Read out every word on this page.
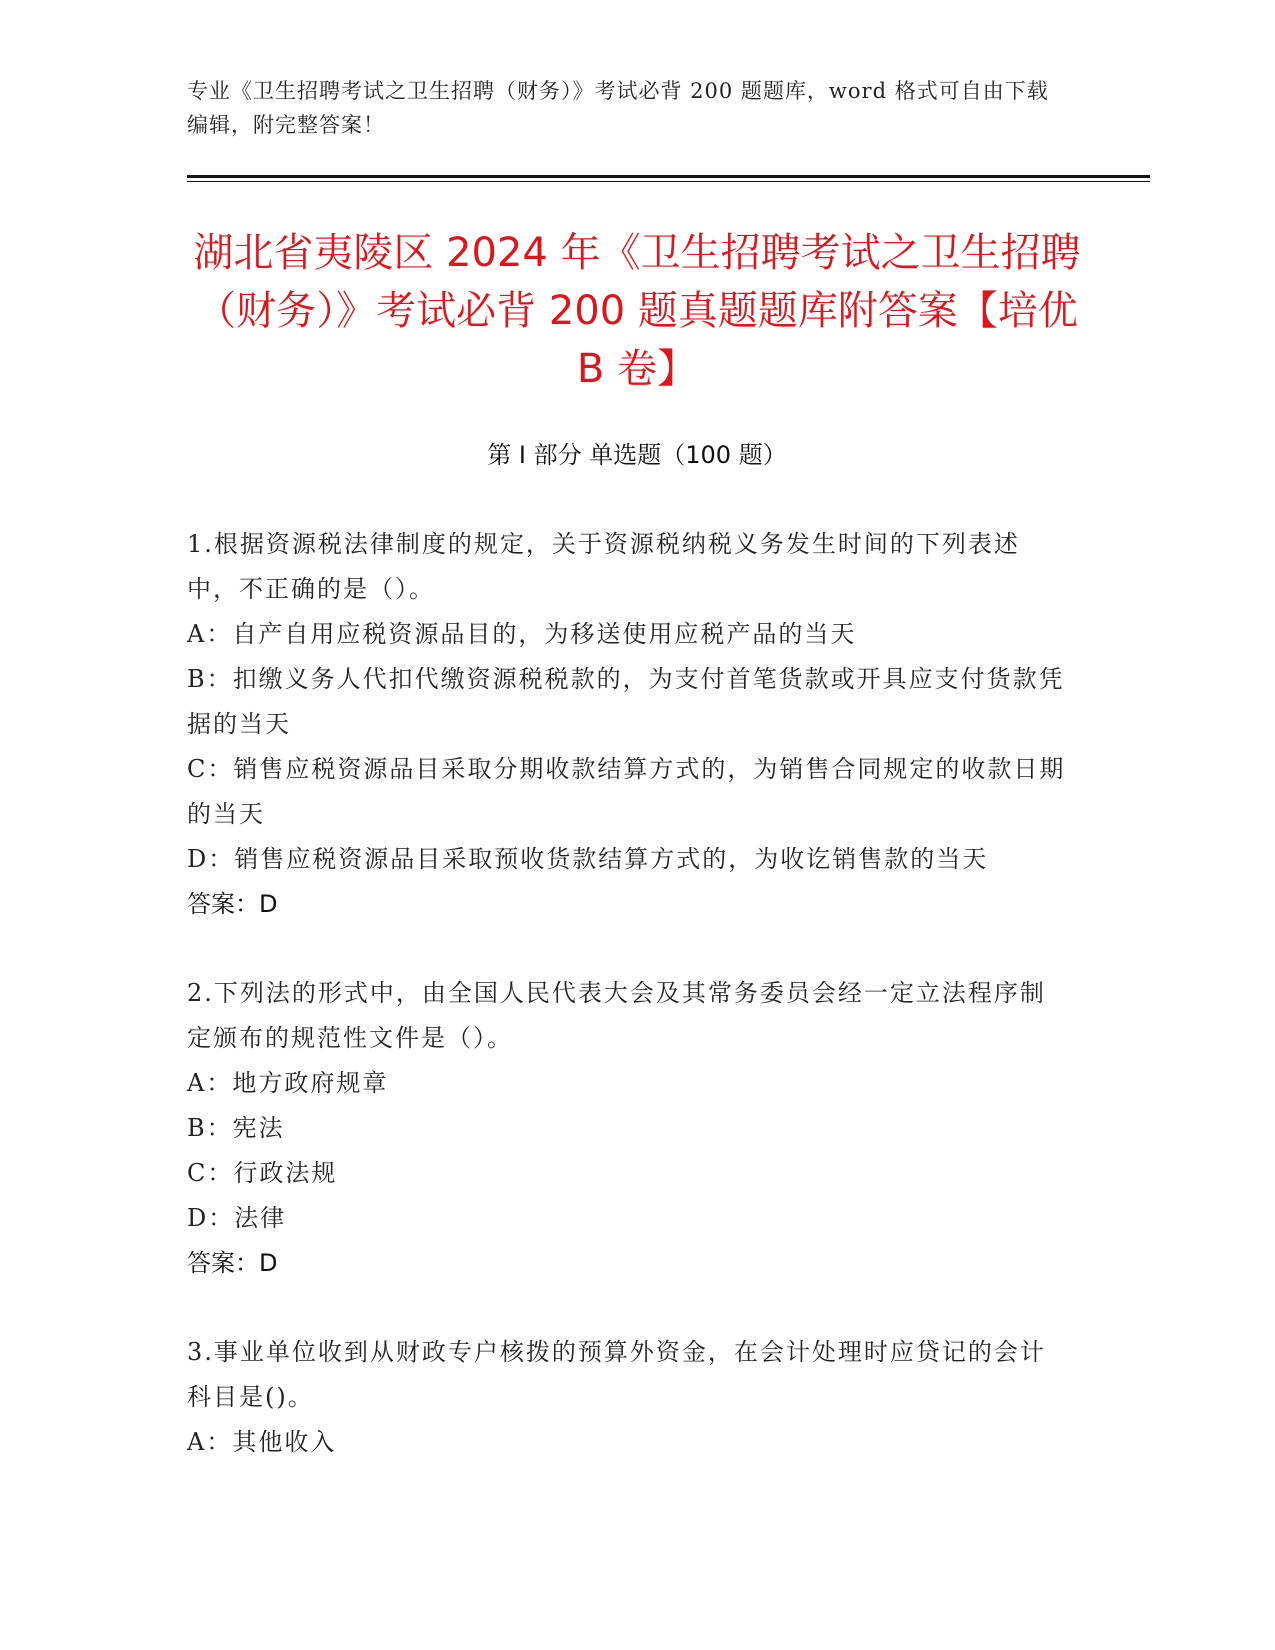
专业《卫生招聘考试之卫生招聘（财务）》考试必背 200 题题库，word 格式可自由下载编辑，附完整答案！
湖北省夷陵区 2024 年《卫生招聘考试之卫生招聘（财务）》考试必背 200 题真题题库附答案【培优 B 卷】
第 I 部分 单选题（100 题）
1.根据资源税法律制度的规定，关于资源税纳税义务发生时间的下列表述中，不正确的是（）。
A：自产自用应税资源品目的，为移送使用应税产品的当天
B：扣缴义务人代扣代缴资源税税款的，为支付首笔货款或开具应支付货款凭据的当天
C：销售应税资源品目采取分期收款结算方式的，为销售合同规定的收款日期的当天
D：销售应税资源品目采取预收货款结算方式的，为收讫销售款的当天
答案：D
2.下列法的形式中，由全国人民代表大会及其常务委员会经一定立法程序制定颁布的规范性文件是（）。
A：地方政府规章
B：宪法
C：行政法规
D：法律
答案：D
3.事业单位收到从财政专户核拨的预算外资金，在会计处理时应贷记的会计科目是()。
A：其他收入
